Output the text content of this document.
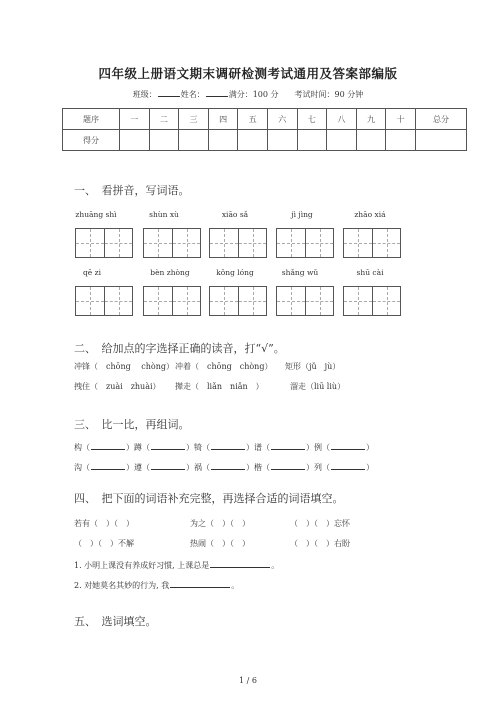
四年级上册语文期末调研检测考试通用及答案部编版
班级：	姓名：	满分：100 分　　 考试时间：90 分钟
题序	一	二	三	四	五	六	七	八	九	十	总分
得分											
一、　看拼音，写词语。
zhuāng shì	shùn xù	xiāo sǎ	jì jìng	zhāo xiá
qē zi	bèn zhòng	kǒng lóng	shǎng wǔ	shū cài
二、　给加点的字选择正确的读音，打“√”。
冲锋（　chōng　 chòng） 冲着（　chōng　chòng） 矩形（jǔ　jù）
拽住（　zuài　zhuài） 撵走（　liǎn　niǎn　）	溜走（liū liù）
三、　比一比，再组词。
构（	）蹲（	）犄（	）谱（	）例（	）
沟（	）遵（	）祸（	）楷（	）列（	）
四、　把下面的词语补充完整，再选择合适的词语填空。
若有（　）（　）	为之（　）（　）	（　）（　）忘怀
（　）（　）不解	热闹（　）（　）	（　）（　）右盼
1. 小明上课没有养成好习惯, 上课总是	。
2. 对她莫名其妙的行为, 我	。
五、　选词填空。
1 / 6
